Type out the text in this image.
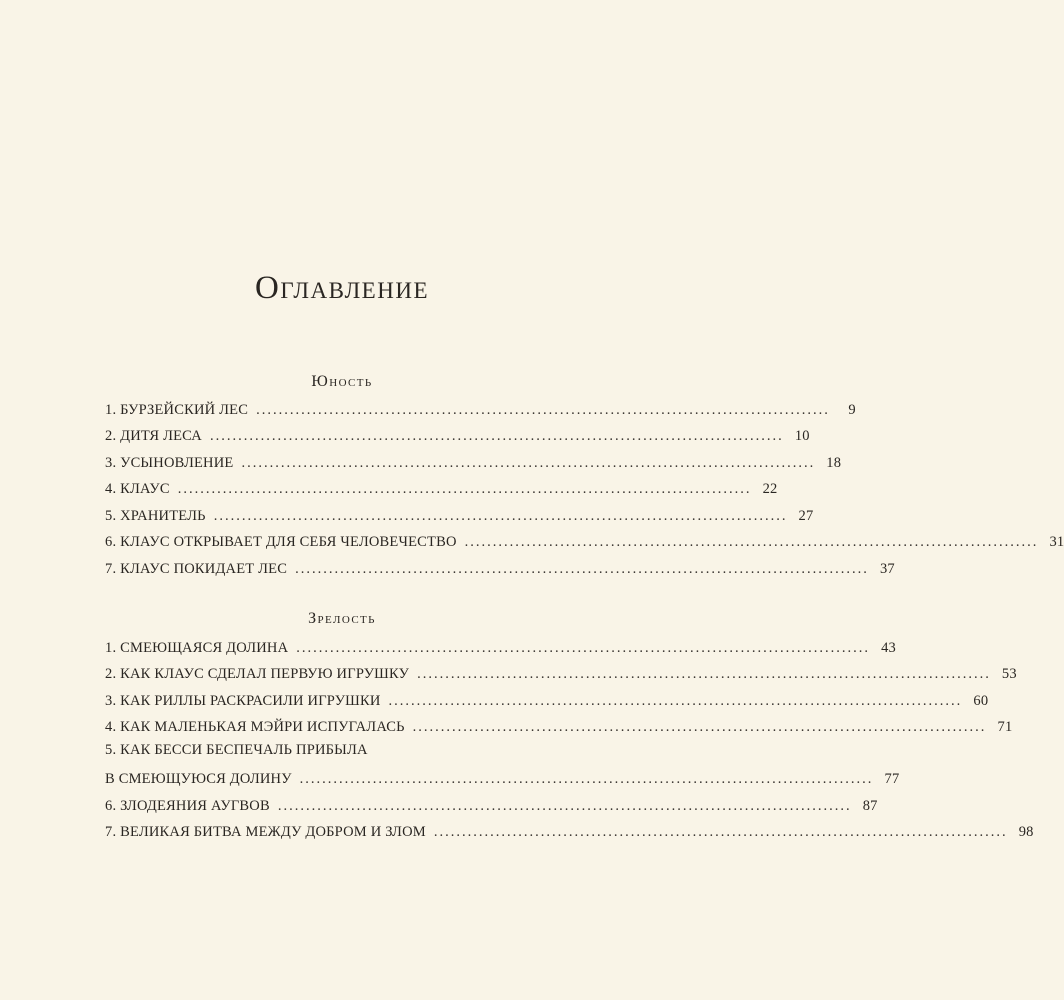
Оглавление
Юность
1. БУРЗЕЙСКИЙ ЛЕС ......................................................................................................	9
2. ДИТЯ ЛЕСА ...................................................................................................... 10
3. УСЫНОВЛЕНИЕ ...................................................................................................... 18
4. КЛАУС ...................................................................................................... 22
5. ХРАНИТЕЛЬ ...................................................................................................... 27
6. КЛАУС ОТКРЫВАЕТ ДЛЯ СЕБЯ ЧЕЛОВЕЧЕСТВО ...................................................................................................... 31
7. КЛАУС ПОКИДАЕТ ЛЕС ...................................................................................................... 37
Зрелость
1. СМЕЮЩАЯСЯ ДОЛИНА ...................................................................................................... 43
2. КАК КЛАУС СДЕЛАЛ ПЕРВУЮ ИГРУШКУ ...................................................................................................... 53
3. КАК РИЛЛЫ РАСКРАСИЛИ ИГРУШКИ ...................................................................................................... 60
4. КАК МАЛЕНЬКАЯ МЭЙРИ ИСПУГАЛАСЬ ...................................................................................................... 71
5. КАК БЕССИ БЕСПЕЧАЛЬ ПРИБЫЛА
В СМЕЮЩУЮСЯ ДОЛИНУ ...................................................................................................... 77
6. ЗЛОДЕЯНИЯ АУГВОВ ...................................................................................................... 87
7. ВЕЛИКАЯ БИТВА МЕЖДУ ДОБРОМ И ЗЛОМ ...................................................................................................... 98
